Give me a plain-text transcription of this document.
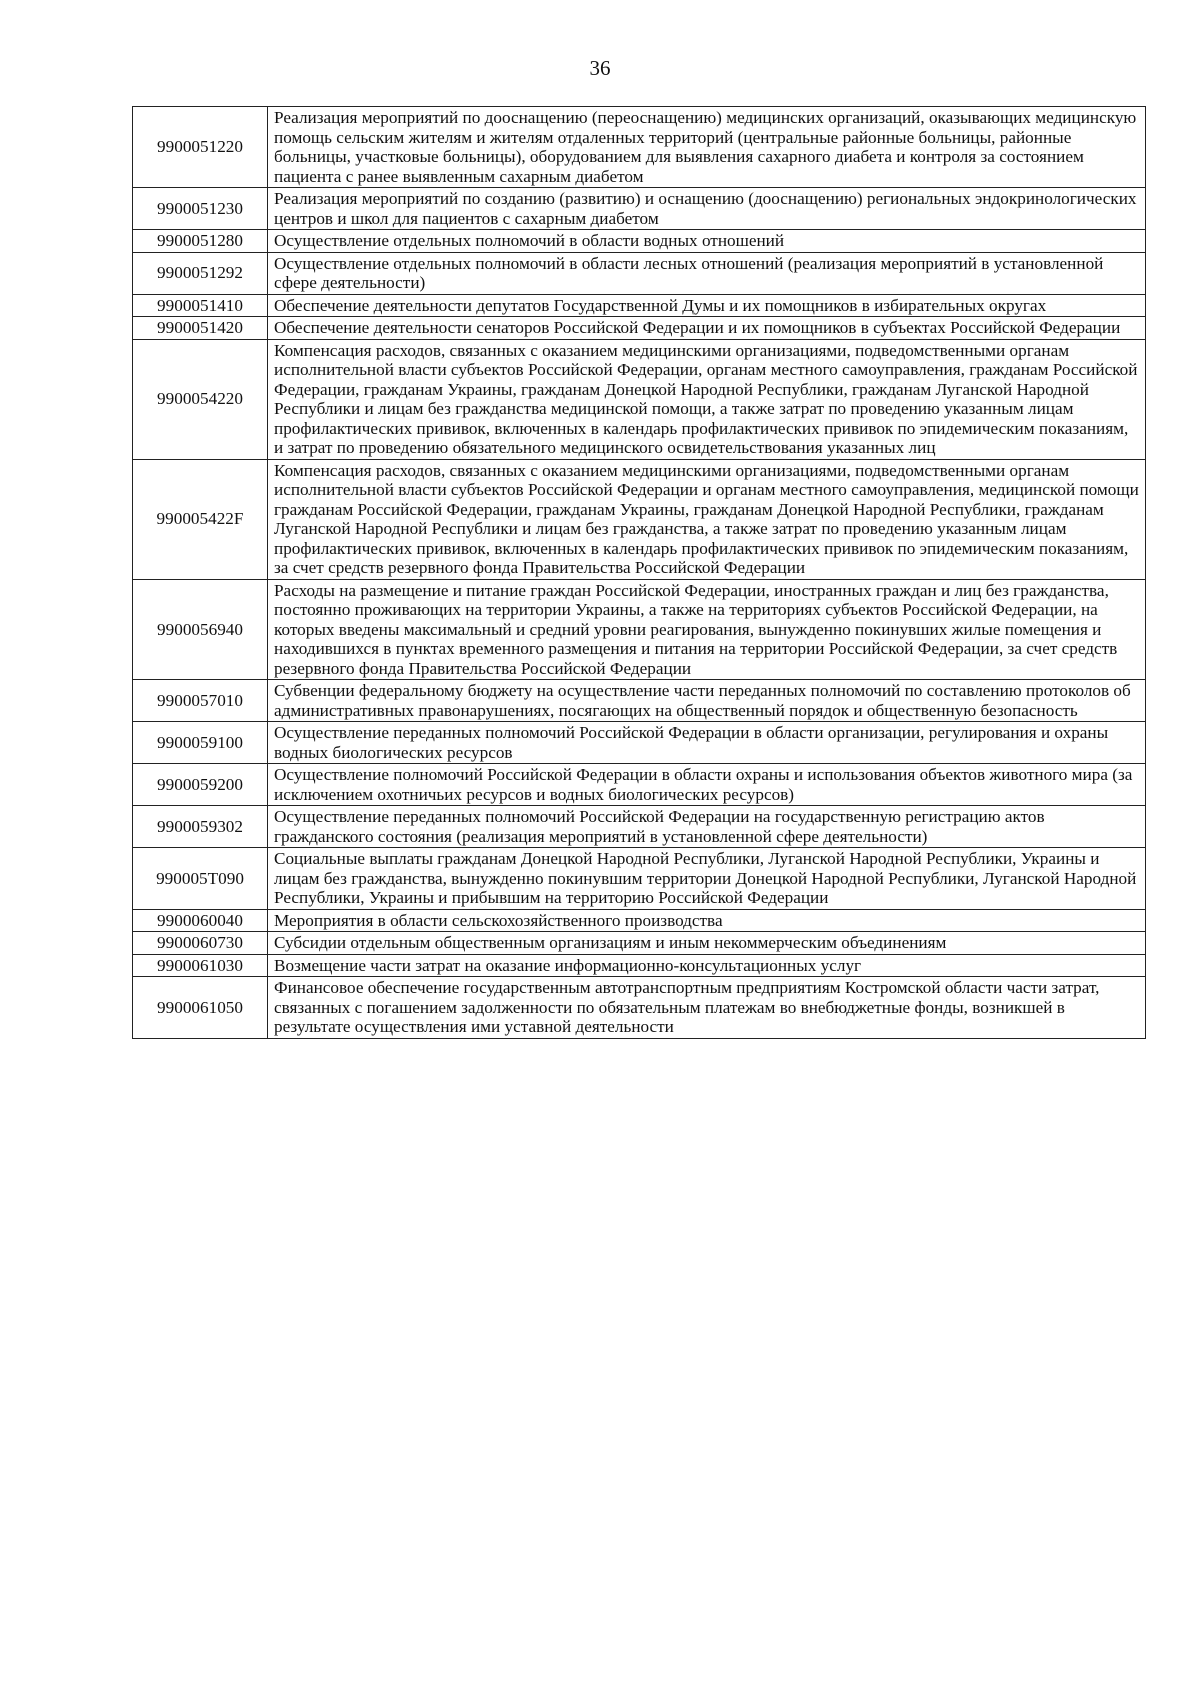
36
9900051220	Реализация мероприятий по дооснащению (переоснащению) медицинских организаций, оказывающих медицинскую помощь сельским жителям и жителям отдаленных территорий (центральные районные больницы, районные больницы, участковые больницы), оборудованием для выявления сахарного диабета и контроля за состоянием пациента с ранее выявленным сахарным диабетом
9900051230	Реализация мероприятий по созданию (развитию) и оснащению (дооснащению) региональных эндокринологических центров и школ для пациентов с сахарным диабетом
9900051280	Осуществление отдельных полномочий в области водных отношений
9900051292	Осуществление отдельных полномочий в области лесных отношений (реализация мероприятий в установленной сфере деятельности)
9900051410	Обеспечение деятельности депутатов Государственной Думы и их помощников в избирательных округах
9900051420	Обеспечение деятельности сенаторов Российской Федерации и их помощников в субъектах Российской Федерации
9900054220	Компенсация расходов, связанных с оказанием медицинскими организациями, подведомственными органам исполнительной власти субъектов Российской Федерации, органам местного самоуправления, гражданам Российской Федерации, гражданам Украины, гражданам Донецкой Народной Республики, гражданам Луганской Народной Республики и лицам без гражданства медицинской помощи, а также затрат по проведению указанным лицам профилактических прививок, включенных в календарь профилактических прививок по эпидемическим показаниям, и затрат по проведению обязательного медицинского освидетельствования указанных лиц
990005422F	Компенсация расходов, связанных с оказанием медицинскими организациями, подведомственными органам исполнительной власти субъектов Российской Федерации и органам местного самоуправления, медицинской помощи гражданам Российской Федерации, гражданам Украины, гражданам Донецкой Народной Республики, гражданам Луганской Народной Республики и лицам без гражданства, а также затрат по проведению указанным лицам профилактических прививок, включенных в календарь профилактических прививок по эпидемическим показаниям, за счет средств резервного фонда Правительства Российской Федерации
9900056940	Расходы на размещение и питание граждан Российской Федерации, иностранных граждан и лиц без гражданства, постоянно проживающих на территории Украины, а также на территориях субъектов Российской Федерации, на которых введены максимальный и средний уровни реагирования, вынужденно покинувших жилые помещения и находившихся в пунктах временного размещения и питания на территории Российской Федерации, за счет средств резервного фонда Правительства Российской Федерации
9900057010	Субвенции федеральному бюджету на осуществление части переданных полномочий по составлению протоколов об административных правонарушениях, посягающих на общественный порядок и общественную безопасность
9900059100	Осуществление переданных полномочий Российской Федерации в области организации, регулирования и охраны водных биологических ресурсов
9900059200	Осуществление полномочий Российской Федерации в области охраны и использования объектов животного мира (за исключением охотничьих ресурсов и водных биологических ресурсов)
9900059302	Осуществление переданных полномочий Российской Федерации на государственную регистрацию актов гражданского состояния (реализация мероприятий в установленной сфере деятельности)
990005Т090	Социальные выплаты гражданам Донецкой Народной Республики, Луганской Народной Республики, Украины и лицам без гражданства, вынужденно покинувшим территории Донецкой Народной Республики, Луганской Народной Республики, Украины и прибывшим на территорию Российской Федерации
9900060040	Мероприятия в области сельскохозяйственного производства
9900060730	Субсидии отдельным общественным организациям и иным некоммерческим объединениям
9900061030	Возмещение части затрат на оказание информационно-консультационных услуг
9900061050	Финансовое обеспечение государственным автотранспортным предприятиям Костромской области части затрат, связанных с погашением задолженности по обязательным платежам во внебюджетные фонды, возникшей в результате осуществления ими уставной деятельности
